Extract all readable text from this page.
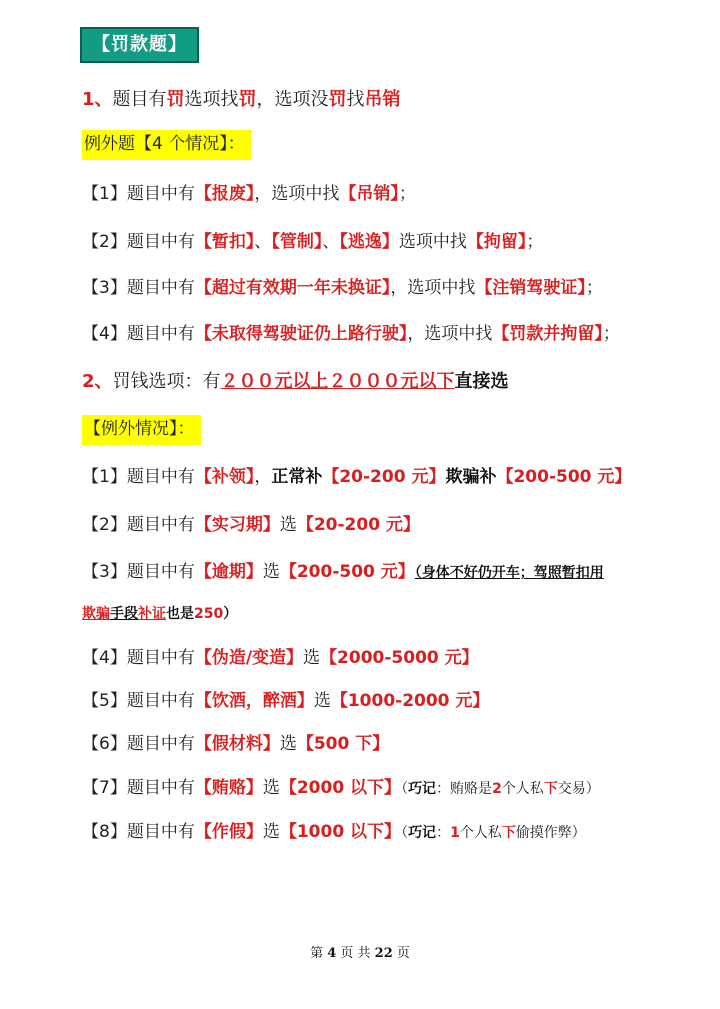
【罚款题】
1、题目有罚选项找罚，选项没罚找吊销
例外题【4 个情况】：
【1】题目中有【报废】，选项中找【吊销】；
【2】题目中有【暂扣】、【管制】、【逃逸】选项中找【拘留】；
【3】题目中有【超过有效期一年未换证】，选项中找【注销驾驶证】；
【4】题目中有【未取得驾驶证仍上路行驶】，选项中找【罚款并拘留】；
2、罚钱选项：有２００元以上２０００元以下直接选
【例外情况】：
【1】题目中有【补领】，正常补【20-200 元】欺骗补【200-500 元】
【2】题目中有【实习期】选【20-200 元】
【3】题目中有【逾期】选【200-500 元】（身体不好仍开车；驾照暂扣用
欺骗手段补证也是250）
【4】题目中有【伪造/变造】选【2000-5000 元】
【5】题目中有【饮酒，醉酒】选【1000-2000 元】
【6】题目中有【假材料】选【500 下】
【7】题目中有【贿赂】选【2000 以下】（巧记：贿赂是2个人私下交易）
【8】题目中有【作假】选【1000 以下】（巧记：1个人私下偷摸作弊）
第 4 页 共 22 页
